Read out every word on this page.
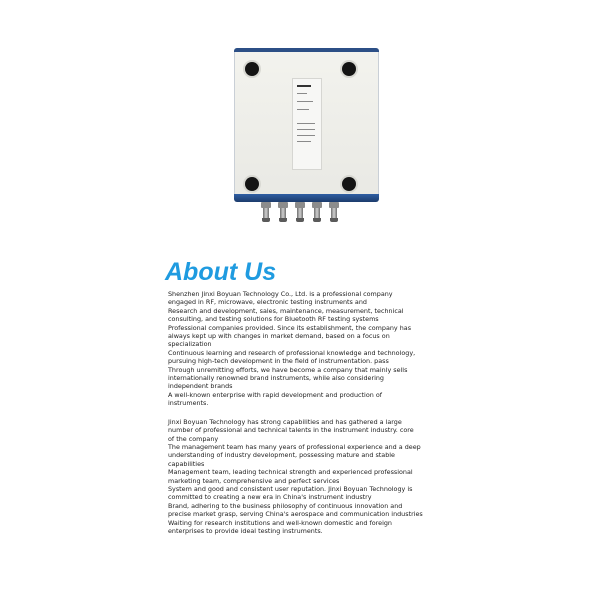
About Us

Shenzhen Jinxi Boyuan Technology Co., Ltd. is a professional company

engaged in RF, microwave, electronic testing instruments and

Research and development, sales, maintenance, measurement, technical

consulting, and testing solutions for Bluetooth RF testing systems

Professional companies provided. Since its establishment, the company has

always kept up with changes in market demand, based on a focus on

specialization

Continuous learning and research of professional knowledge and technology,

pursuing high-tech development in the field of instrumentation. pass

Through unremitting efforts, we have become a company that mainly sells

internationally renowned brand instruments, while also considering

independent brands

A well-known enterprise with rapid development and production of

instruments.

Jinxi Boyuan Technology has strong capabilities and has gathered a large

number of professional and technical talents in the instrument industry. core

of the company

The management team has many years of professional experience and a deep

understanding of industry development, possessing mature and stable

capabilities

Management team, leading technical strength and experienced professional

marketing team, comprehensive and perfect services

System and good and consistent user reputation. Jinxi Boyuan Technology is

committed to creating a new era in China's instrument industry

Brand, adhering to the business philosophy of continuous innovation and

precise market grasp, serving China's aerospace and communication industries

Waiting for research institutions and well-known domestic and foreign

enterprises to provide ideal testing instruments.
